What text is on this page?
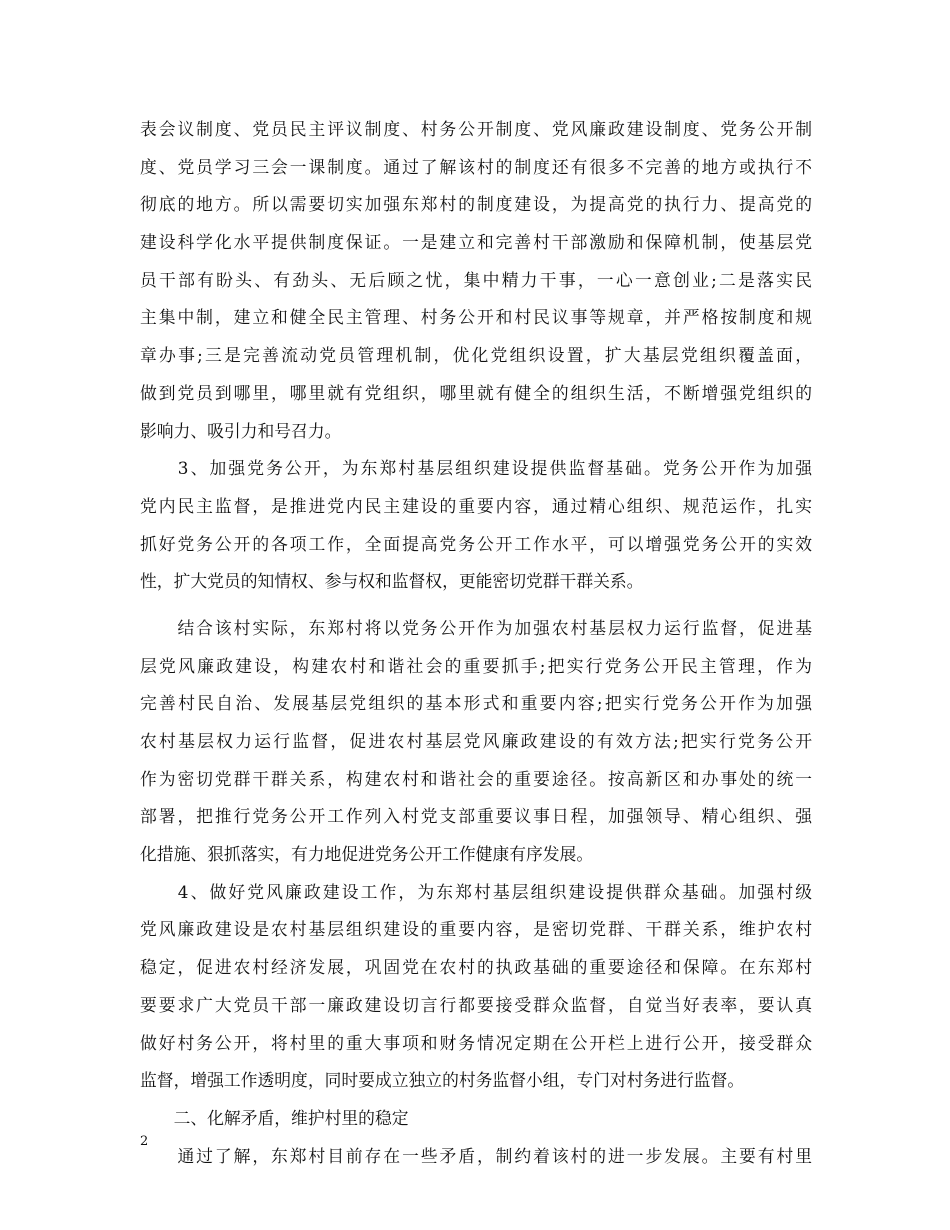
表会议制度、党员民主评议制度、村务公开制度、党风廉政建设制度、党务公开制
度、党员学习三会一课制度。通过了解该村的制度还有很多不完善的地方或执行不
彻底的地方。所以需要切实加强东郑村的制度建设，为提高党的执行力、提高党的
建设科学化水平提供制度保证。一是建立和完善村干部激励和保障机制，使基层党
员干部有盼头、有劲头、无后顾之忧，集中精力干事，一心一意创业;二是落实民
主集中制，建立和健全民主管理、村务公开和村民议事等规章，并严格按制度和规
章办事;三是完善流动党员管理机制，优化党组织设置，扩大基层党组织覆盖面，
做到党员到哪里，哪里就有党组织，哪里就有健全的组织生活，不断增强党组织的
影响力、吸引力和号召力。
　　3、加强党务公开，为东郑村基层组织建设提供监督基础。党务公开作为加强
党内民主监督，是推进党内民主建设的重要内容，通过精心组织、规范运作，扎实
抓好党务公开的各项工作，全面提高党务公开工作水平，可以增强党务公开的实效
性，扩大党员的知情权、参与权和监督权，更能密切党群干群关系。
　　结合该村实际，东郑村将以党务公开作为加强农村基层权力运行监督，促进基
层党风廉政建设，构建农村和谐社会的重要抓手;把实行党务公开民主管理，作为
完善村民自治、发展基层党组织的基本形式和重要内容;把实行党务公开作为加强
农村基层权力运行监督，促进农村基层党风廉政建设的有效方法;把实行党务公开
作为密切党群干群关系，构建农村和谐社会的重要途径。按高新区和办事处的统一
部署，把推行党务公开工作列入村党支部重要议事日程，加强领导、精心组织、强
化措施、狠抓落实，有力地促进党务公开工作健康有序发展。
　　4、做好党风廉政建设工作，为东郑村基层组织建设提供群众基础。加强村级
党风廉政建设是农村基层组织建设的重要内容，是密切党群、干群关系，维护农村
稳定，促进农村经济发展，巩固党在农村的执政基础的重要途径和保障。在东郑村
要要求广大党员干部一廉政建设切言行都要接受群众监督，自觉当好表率，要认真
做好村务公开，将村里的重大事项和财务情况定期在公开栏上进行公开，接受群众
监督，增强工作透明度，同时要成立独立的村务监督小组，专门对村务进行监督。
　　二、化解矛盾，维护村里的稳定
　　通过了解，东郑村目前存在一些矛盾，制约着该村的进一步发展。主要有村里
2
